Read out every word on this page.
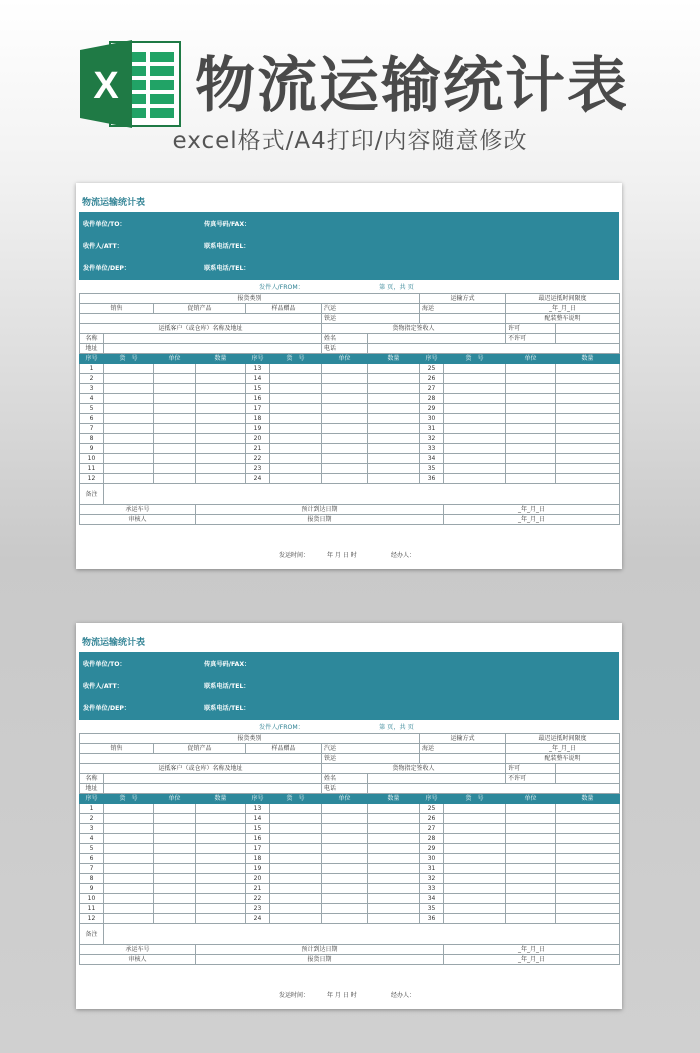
X 物流运输统计表
excel格式/A4打印/内容随意修改
物流运输统计表
收件单位/TO：	传真号码/FAX：
收件人/ATT：	联系电话/TEL：
发件单位/DEP：	联系电话/TEL：
发件人/FROM：	第 页，共 页
报货类别								运输方式		最迟运抵时间限度	
销售		促销产品		样品赠品		汽运		海运		_年_月_日	
						铁运				配装整车说明	
运抵客户（或仓库）名称及地址						货物指定签收人				许可	
名称						姓名				不许可	
地址						电话					
序号	货　号	单位	数量	序号	货　号	单位	数量	序号	货　号	单位	数量
1				13				25			
2				14				26			
3				15				27			
4				16				28			
5				17				29			
6				18				30			
7				19				31			
8				20				32			
9				21				33			
10				22				34			
11				23				35			
12				24				36			
备注											
承运车号			预计到达日期						_年_月_日		
审核人			报货日期						_年_月_日		
发运时间：	年 月 日 时	经办人：
物流运输统计表
收件单位/TO：	传真号码/FAX：
收件人/ATT：	联系电话/TEL：
发件单位/DEP：	联系电话/TEL：
发件人/FROM：	第 页，共 页
报货类别								运输方式		最迟运抵时间限度	
销售		促销产品		样品赠品		汽运		海运		_年_月_日	
						铁运				配装整车说明	
运抵客户（或仓库）名称及地址						货物指定签收人				许可	
名称						姓名				不许可	
地址						电话					
序号	货　号	单位	数量	序号	货　号	单位	数量	序号	货　号	单位	数量
1				13				25			
2				14				26			
3				15				27			
4				16				28			
5				17				29			
6				18				30			
7				19				31			
8				20				32			
9				21				33			
10				22				34			
11				23				35			
12				24				36			
备注											
承运车号			预计到达日期						_年_月_日		
审核人			报货日期						_年_月_日		
发运时间：	年 月 日 时	经办人：
